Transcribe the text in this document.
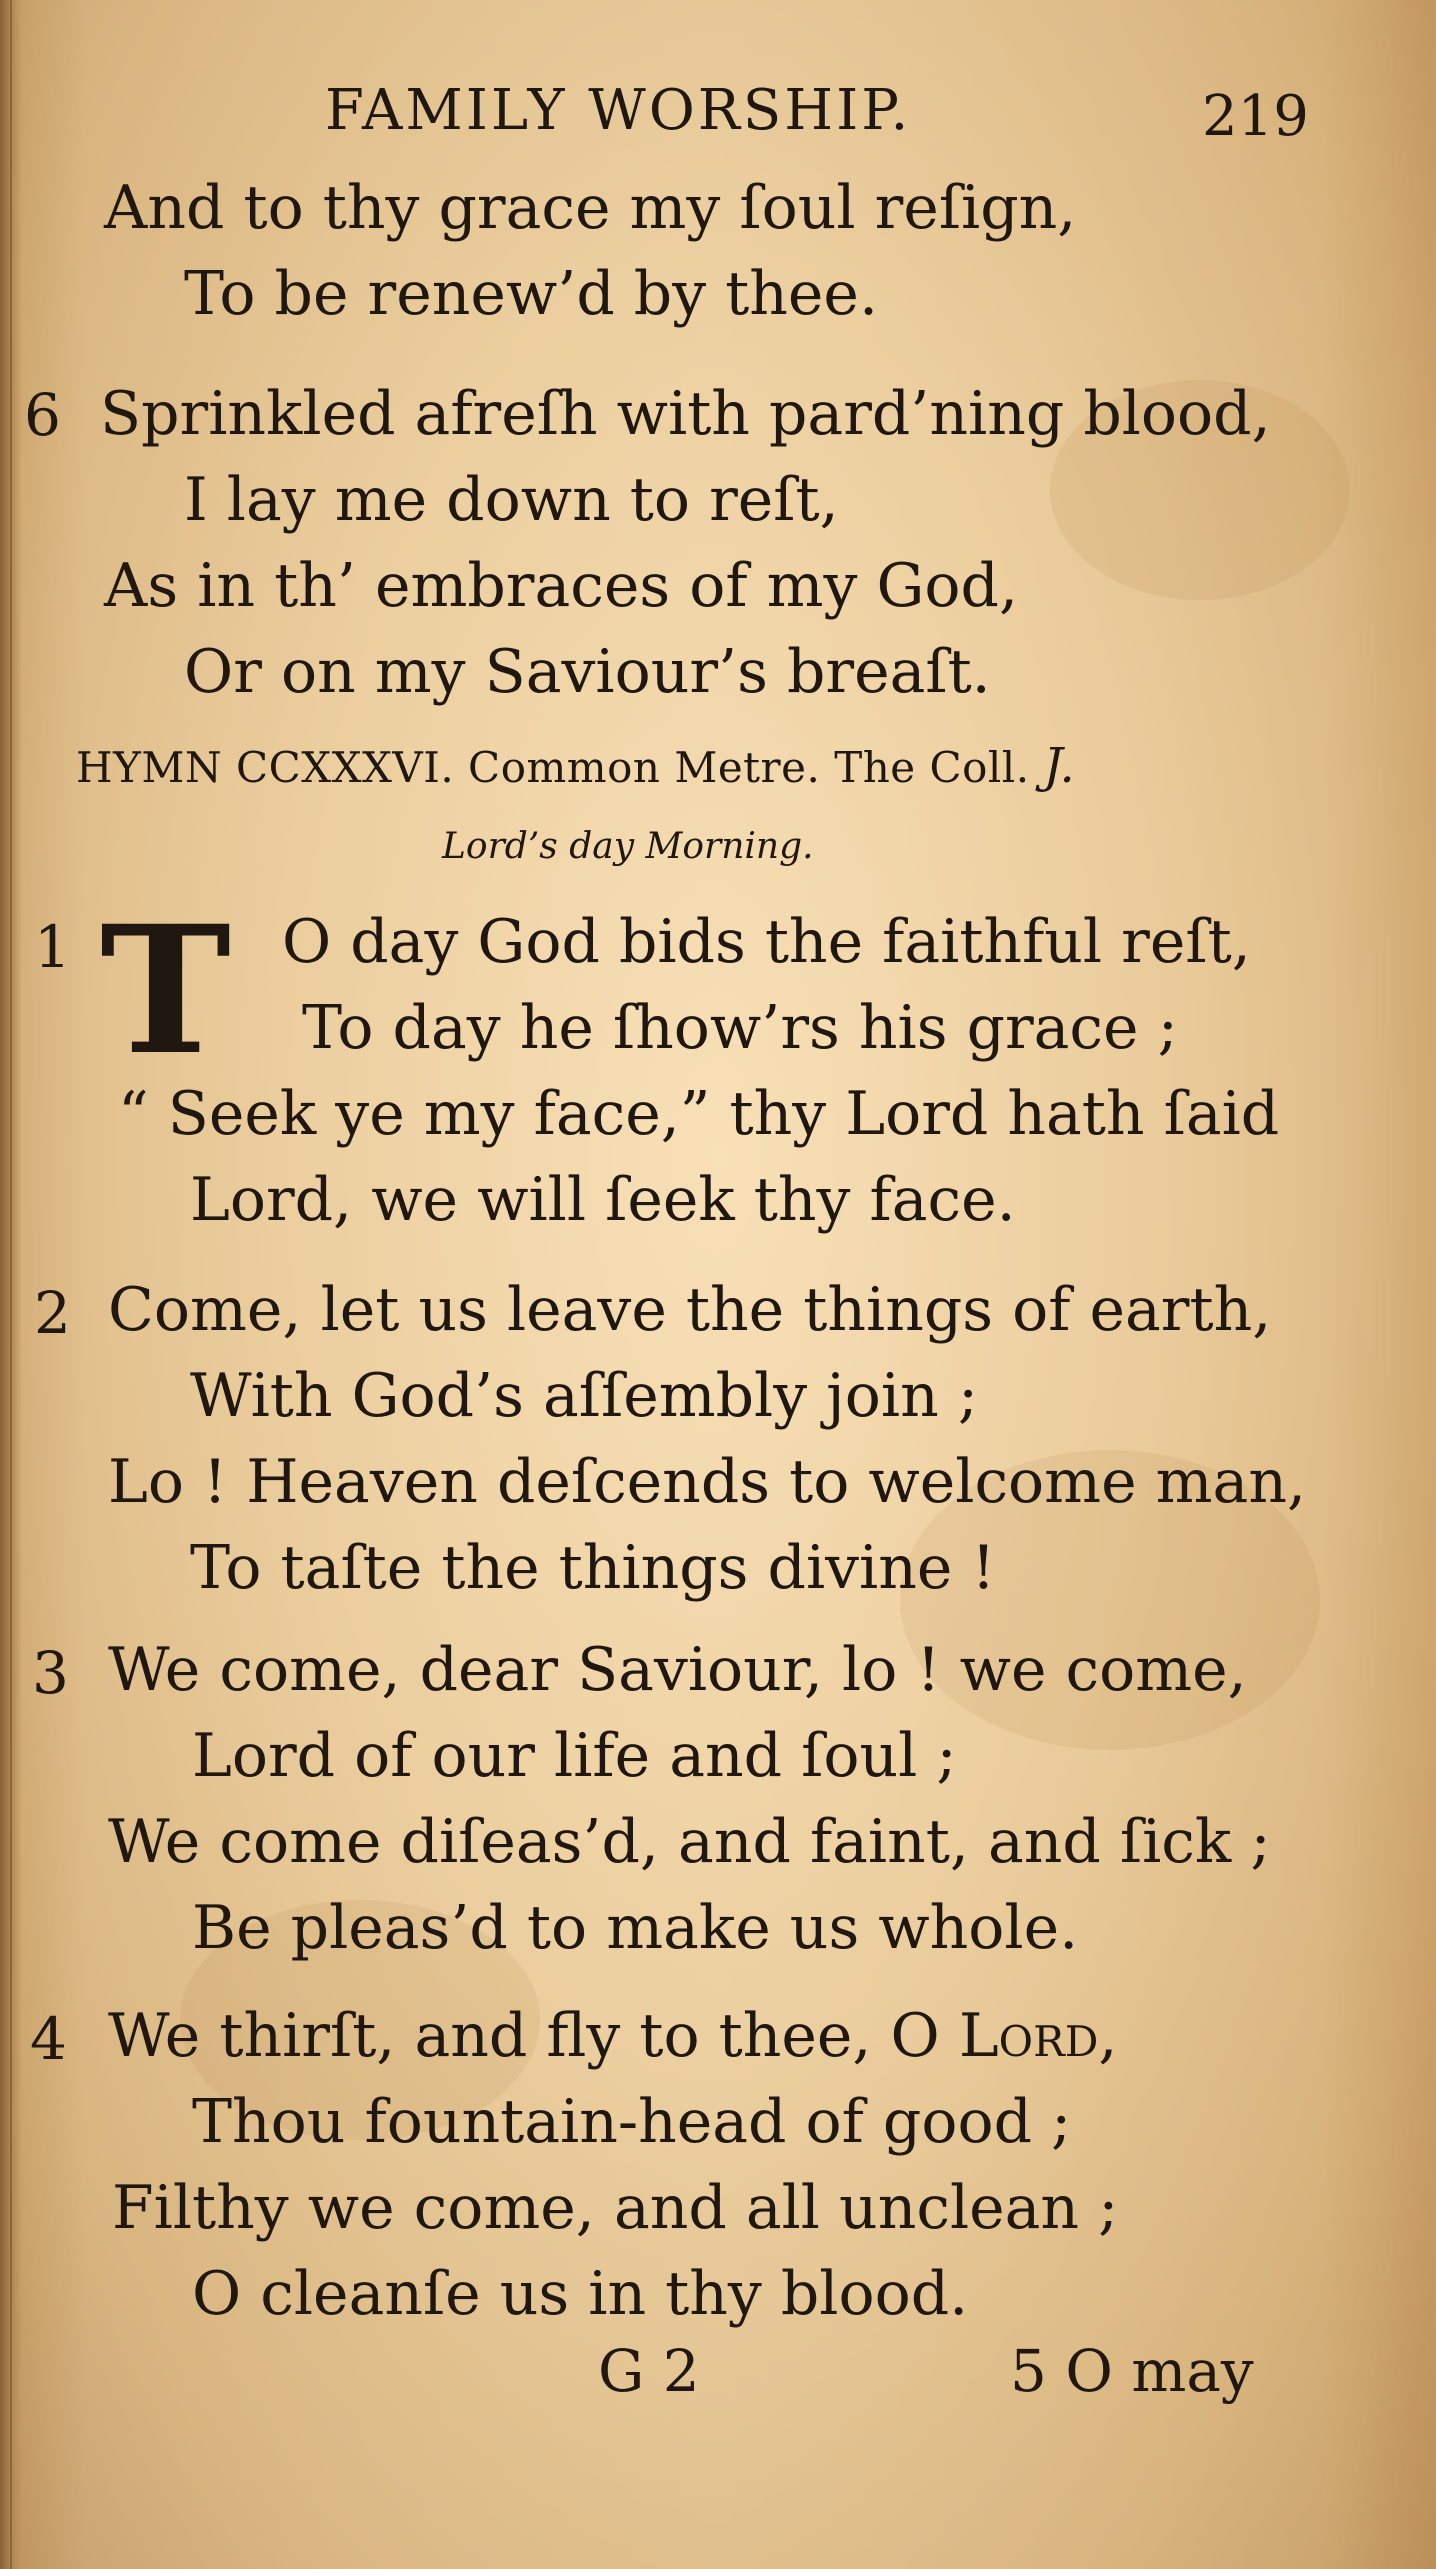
FAMILY WORSHIP.	219
And to thy grace my ſoul reſign,
To be renew’d by thee.
6 Sprinkled afreſh with pard’ning blood,
I lay me down to reſt,
As in th’ embraces of my God,
Or on my Saviour’s breaſt.
HYMN CCXXXVI. Common Metre. The Coll. J.
Lord’s day Morning.
1 T O day God bids the faithful reſt,
To day he ſhow’rs his grace ;
“ Seek ye my face,” thy Lord hath ſaid
Lord, we will ſeek thy face.
2 Come, let us leave the things of earth,
With God’s aſſembly join ;
Lo ! Heaven deſcends to welcome man,
To taſte the things divine !
3 We come, dear Saviour, lo ! we come,
Lord of our life and ſoul ;
We come diſeas’d, and faint, and ſick ;
Be pleas’d to make us whole.
4 We thirſt, and fly to thee, O Lord,
Thou fountain-head of good ;
Filthy we come, and all unclean ;
O cleanſe us in thy blood.
G 2	5 O may
